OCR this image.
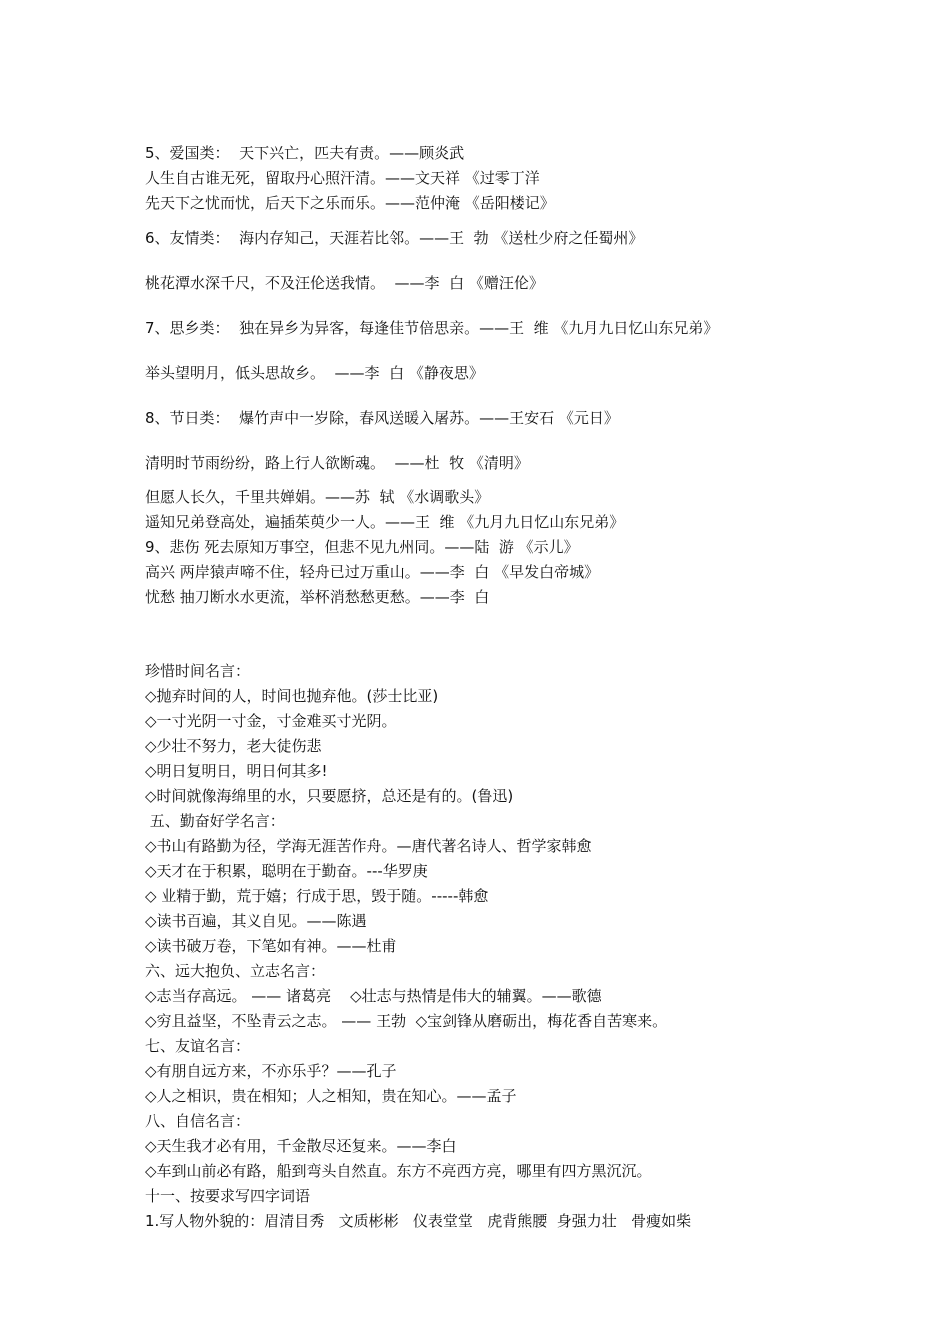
5、爱国类：  天下兴亡，匹夫有责。——顾炎武
人生自古谁无死，留取丹心照汗清。——文天祥 《过零丁洋
先天下之忧而忧，后天下之乐而乐。——范仲淹 《岳阳楼记》
6、友情类：  海内存知己，天涯若比邻。——王  勃 《送杜少府之任蜀州》
桃花潭水深千尺，不及汪伦送我情。  ——李  白 《赠汪伦》
7、思乡类：  独在异乡为异客，每逢佳节倍思亲。——王  维 《九月九日忆山东兄弟》
举头望明月，低头思故乡。  ——李  白 《静夜思》
8、节日类：  爆竹声中一岁除，春风送暖入屠苏。——王安石 《元日》
清明时节雨纷纷，路上行人欲断魂。  ——杜  牧 《清明》
但愿人长久，千里共婵娟。——苏  轼 《水调歌头》
遥知兄弟登高处，遍插茱萸少一人。——王  维 《九月九日忆山东兄弟》
9、悲伤 死去原知万事空，但悲不见九州同。——陆  游 《示儿》
高兴 两岸猿声啼不住，轻舟已过万重山。——李  白 《早发白帝城》
忧愁 抽刀断水水更流，举杯消愁愁更愁。——李  白
珍惜时间名言：
◇抛弃时间的人，时间也抛弃他。(莎士比亚)
◇一寸光阴一寸金，寸金难买寸光阴。
◇少壮不努力，老大徒伤悲
◇明日复明日，明日何其多!
◇时间就像海绵里的水，只要愿挤，总还是有的。(鲁迅)
五、勤奋好学名言：
◇书山有路勤为径，学海无涯苦作舟。—唐代著名诗人、哲学家韩愈
◇天才在于积累，聪明在于勤奋。---华罗庚
◇ 业精于勤，荒于嬉；行成于思，毁于随。-----韩愈
◇读书百遍，其义自见。——陈遇
◇读书破万卷，下笔如有神。——杜甫
六、远大抱负、立志名言：
◇志当存高远。 —— 诸葛亮    ◇壮志与热情是伟大的辅翼。——歌德
◇穷且益坚，不坠青云之志。 —— 王勃  ◇宝剑锋从磨砺出，梅花香自苦寒来。
七、友谊名言：
◇有朋自远方来，不亦乐乎？——孔子
◇人之相识，贵在相知；人之相知，贵在知心。——孟子
八、自信名言：
◇天生我才必有用，千金散尽还复来。——李白
◇车到山前必有路，船到弯头自然直。东方不亮西方亮，哪里有四方黑沉沉。
十一、按要求写四字词语
1.写人物外貌的：眉清目秀   文质彬彬   仪表堂堂   虎背熊腰  身强力壮   骨瘦如柴
